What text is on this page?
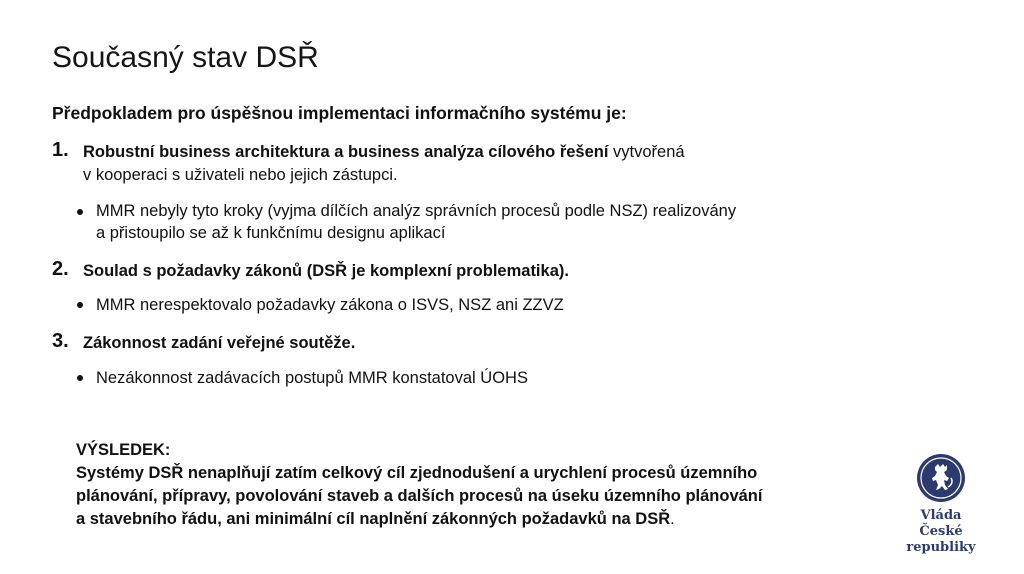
Současný stav DSŘ
Předpokladem pro úspěšnou implementaci informačního systému je:
1. Robustní business architektura a business analýza cílového řešení vytvořená
v kooperaci s uživateli nebo jejich zástupci.
MMR nebyly tyto kroky (vyjma dílčích analýz správních procesů podle NSZ) realizovány
a přistoupilo se až k funkčnímu designu aplikací
2. Soulad s požadavky zákonů (DSŘ je komplexní problematika).
MMR nerespektovalo požadavky zákona o ISVS, NSZ ani ZZVZ
3. Zákonnost zadání veřejné soutěže.
Nezákonnost zadávacích postupů MMR konstatoval ÚOHS
VÝSLEDEK:
Systémy DSŘ nenaplňují zatím celkový cíl zjednodušení a urychlení procesů územního
plánování, přípravy, povolování staveb a dalších procesů na úseku územního plánování
a stavebního řádu, ani minimální cíl naplnění zákonných požadavků na DSŘ.	Vláda
České republiky
